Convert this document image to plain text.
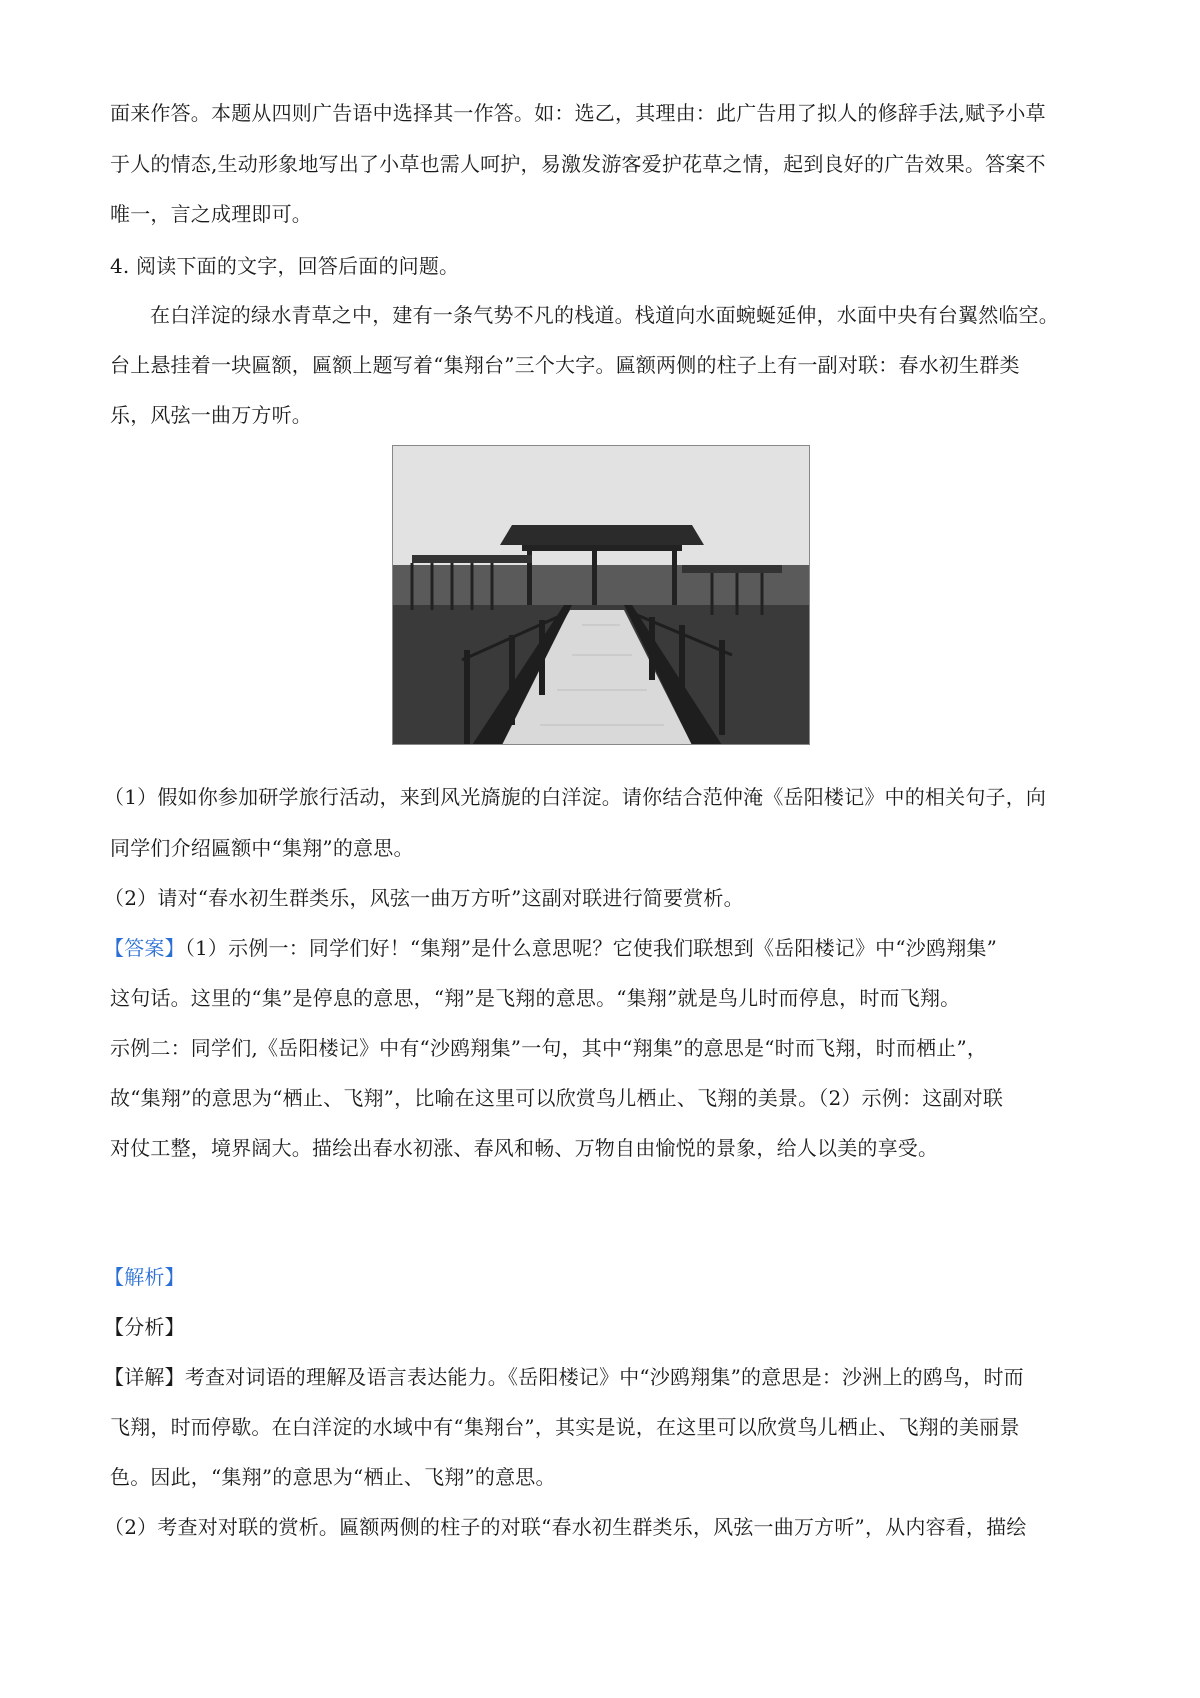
面来作答。本题从四则广告语中选择其一作答。如：选乙，其理由：此广告用了拟人的修辞手法,赋予小草
于人的情态,生动形象地写出了小草也需人呵护，易激发游客爱护花草之情，起到良好的广告效果。答案不
唯一，言之成理即可。
4. 阅读下面的文字，回答后面的问题。
在白洋淀的绿水青草之中，建有一条气势不凡的栈道。栈道向水面蜿蜒延伸，水面中央有台翼然临空。
台上悬挂着一块匾额，匾额上题写着“集翔台”三个大字。匾额两侧的柱子上有一副对联：春水初生群类
乐，风弦一曲万方听。
（1）假如你参加研学旅行活动，来到风光旖旎的白洋淀。请你结合范仲淹《岳阳楼记》中的相关句子，向
同学们介绍匾额中“集翔”的意思。
（2）请对“春水初生群类乐，风弦一曲万方听”这副对联进行简要赏析。
【答案】（1）示例一：同学们好！“集翔”是什么意思呢？它使我们联想到《岳阳楼记》中“沙鸥翔集”
这句话。这里的“集”是停息的意思，“翔”是飞翔的意思。“集翔”就是鸟儿时而停息，时而飞翔。
示例二：同学们,《岳阳楼记》中有“沙鸥翔集”一句，其中“翔集”的意思是“时而飞翔，时而栖止”，
故“集翔”的意思为“栖止、飞翔”，比喻在这里可以欣赏鸟儿栖止、飞翔的美景。（2）示例：这副对联
对仗工整，境界阔大。描绘出春水初涨、春风和畅、万物自由愉悦的景象，给人以美的享受。
【解析】
【分析】
【详解】考查对词语的理解及语言表达能力。《岳阳楼记》中“沙鸥翔集”的意思是：沙洲上的鸥鸟，时而
飞翔，时而停歇。在白洋淀的水域中有“集翔台”，其实是说，在这里可以欣赏鸟儿栖止、飞翔的美丽景
色。因此，“集翔”的意思为“栖止、飞翔”的意思。
（2）考查对对联的赏析。匾额两侧的柱子的对联“春水初生群类乐，风弦一曲万方听”，从内容看，描绘
